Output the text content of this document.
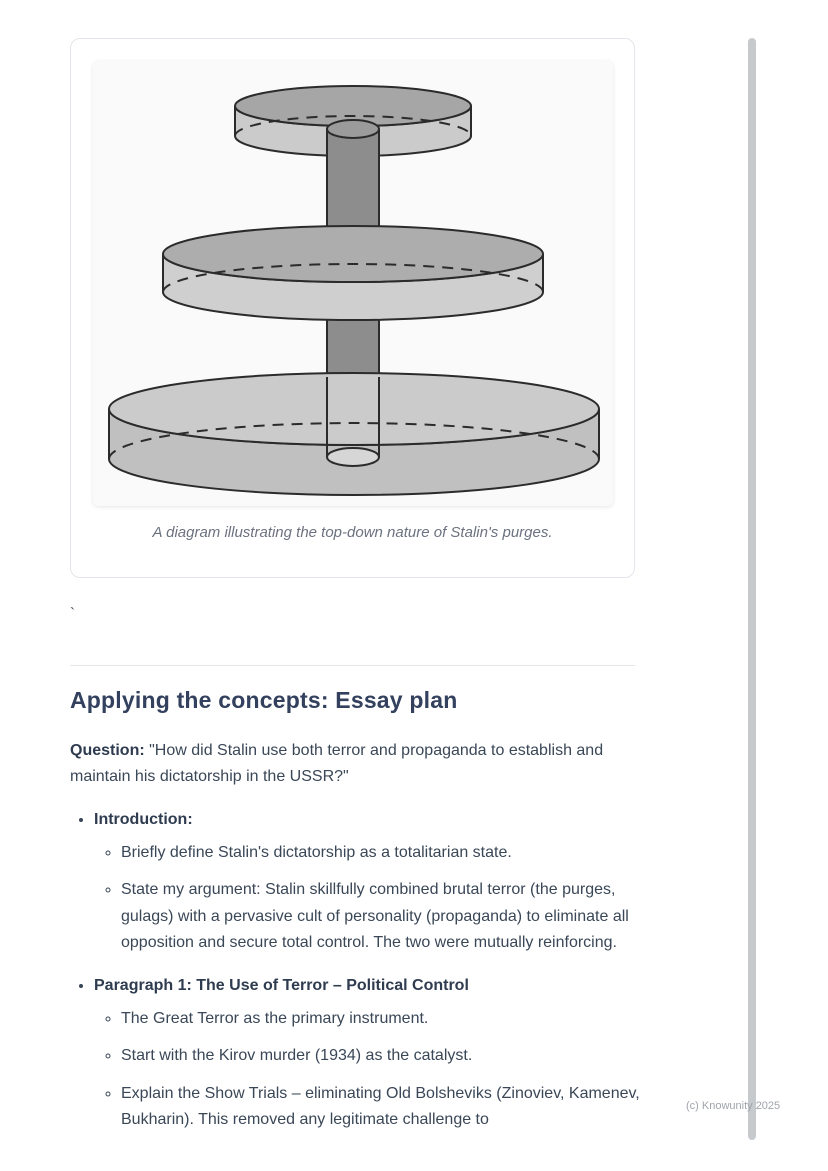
A diagram illustrating the top-down nature of Stalin's purges.
`
Applying the concepts: Essay plan

Question: "How did Stalin use both terror and propaganda to establish and maintain his dictatorship in the USSR?"

• Introduction:
◦ Briefly define Stalin's dictatorship as a totalitarian state.
◦ State my argument: Stalin skillfully combined brutal terror (the purges, gulags) with a pervasive cult of personality (propaganda) to eliminate all opposition and secure total control. The two were mutually reinforcing.
• Paragraph 1: The Use of Terror – Political Control
◦ The Great Terror as the primary instrument.
◦ Start with the Kirov murder (1934) as the catalyst.
◦ Explain the Show Trials – eliminating Old Bolsheviks (Zinoviev, Kamenev, Bukharin). This removed any legitimate challenge to
(c) Knowunity 2025
